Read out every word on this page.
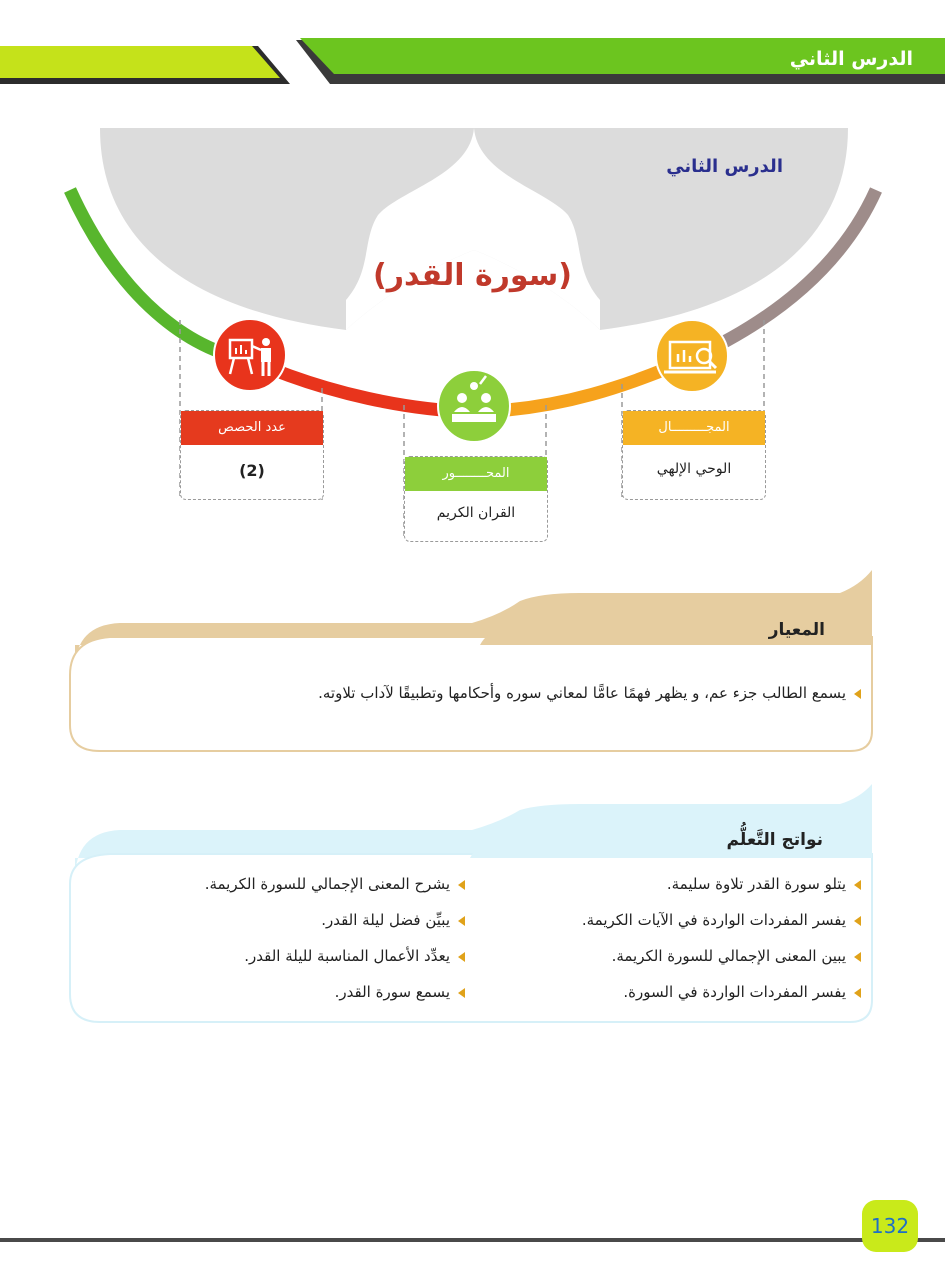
الدرس الثاني
الدرس الثاني
(سورة القدر)
المجـــــــــال
الوحي الإلهي
المحــــــــور
القران الكريم
عدد الحصص
(2)
المعيار
يسمع الطالب جزء عم، و يظهر فهمًا عامًّا لمعاني سوره وأحكامها وتطبيقًا لآداب تلاوته.
نواتج التَّعلُّم
يتلو سورة القدر تلاوة سليمة.
يفسر المفردات الواردة في الآيات الكريمة.
يبين المعنى الإجمالي للسورة الكريمة.
يفسر المفردات الواردة في السورة.
يشرح المعنى الإجمالي للسورة الكريمة.
يبيِّن فضل ليلة القدر.
يعدِّد الأعمال المناسبة لليلة القدر.
يسمع سورة القدر.
132
